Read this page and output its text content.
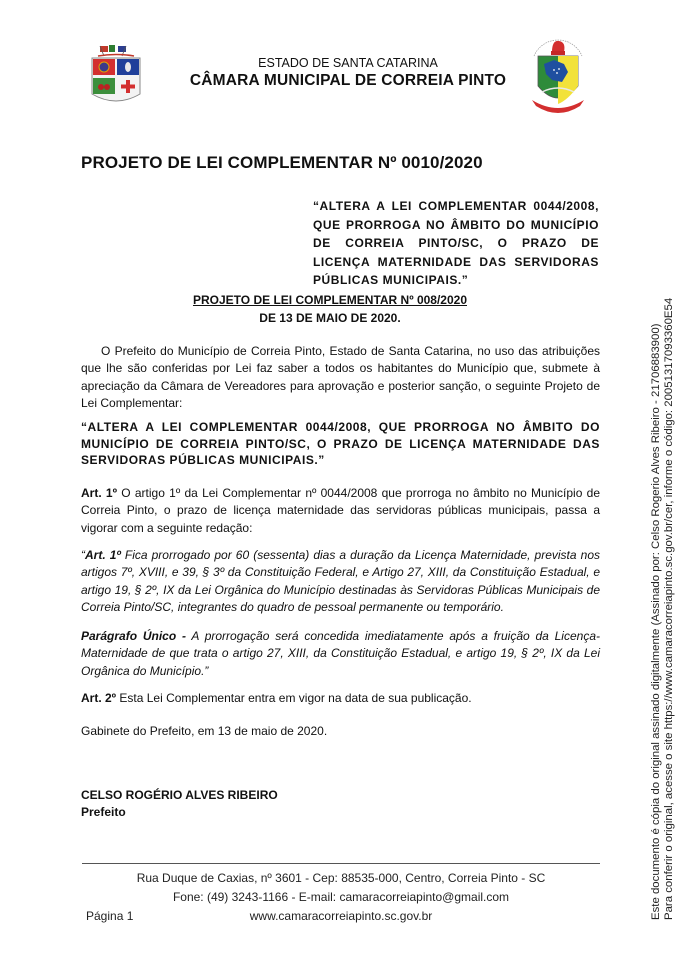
ESTADO DE SANTA CATARINA
CÂMARA MUNICIPAL DE CORREIA PINTO
PROJETO DE LEI COMPLEMENTAR Nº 0010/2020
“ALTERA A LEI COMPLEMENTAR 0044/2008, QUE PRORROGA NO ÂMBITO DO MUNICÍPIO DE CORREIA PINTO/SC, O PRAZO DE LICENÇA MATERNIDADE DAS SERVIDORAS PÚBLICAS MUNICIPAIS.”
PROJETO DE LEI COMPLEMENTAR Nº 008/2020
DE 13 DE MAIO DE 2020.
O Prefeito do Município de Correia Pinto, Estado de Santa Catarina, no uso das atribuições que lhe são conferidas por Lei faz saber a todos os habitantes do Município que, submete à apreciação da Câmara de Vereadores para aprovação e posterior sanção, o seguinte Projeto de Lei Complementar:
“ALTERA A LEI COMPLEMENTAR 0044/2008, QUE PRORROGA NO ÂMBITO DO MUNICÍPIO DE CORREIA PINTO/SC, O PRAZO DE LICENÇA MATERNIDADE DAS SERVIDORAS PÚBLICAS MUNICIPAIS.”
Art. 1º O artigo 1º da Lei Complementar nº 0044/2008 que prorroga no âmbito no Município de Correia Pinto, o prazo de licença maternidade das servidoras públicas municipais, passa a vigorar com a seguinte redação:
“Art. 1º Fica prorrogado por 60 (sessenta) dias a duração da Licença Maternidade, prevista nos artigos 7º, XVIII, e 39, § 3º da Constituição Federal, e Artigo 27, XIII, da Constituição Estadual, e artigo 19, § 2º, IX da Lei Orgânica do Município destinadas às Servidoras Públicas Municipais de Correia Pinto/SC, integrantes do quadro de pessoal permanente ou temporário.
Parágrafo Único - A prorrogação será concedida imediatamente após a fruição da Licença-Maternidade de que trata o artigo 27, XIII, da Constituição Estadual, e artigo 19, § 2º, IX da Lei Orgânica do Município.”
Art. 2º Esta Lei Complementar entra em vigor na data de sua publicação.
Gabinete do Prefeito, em 13 de maio de 2020.
CELSO ROGÉRIO ALVES RIBEIRO
Prefeito
Rua Duque de Caxias, nº 3601 - Cep: 88535-000, Centro, Correia Pinto - SC
Fone: (49) 3243-1166 - E-mail: camaracorreiapinto@gmail.com
www.camaracorreiapinto.sc.gov.br
Página 1	Este documento é cópia do original assinado digitalmente (Assinado por: Celso Rogerio Alves Ribeiro - 21706883900) Para conferir o original, acesse o site https://www.camaracorreiapinto.sc.gov.br/cer, informe o código: 20051317093360E54
